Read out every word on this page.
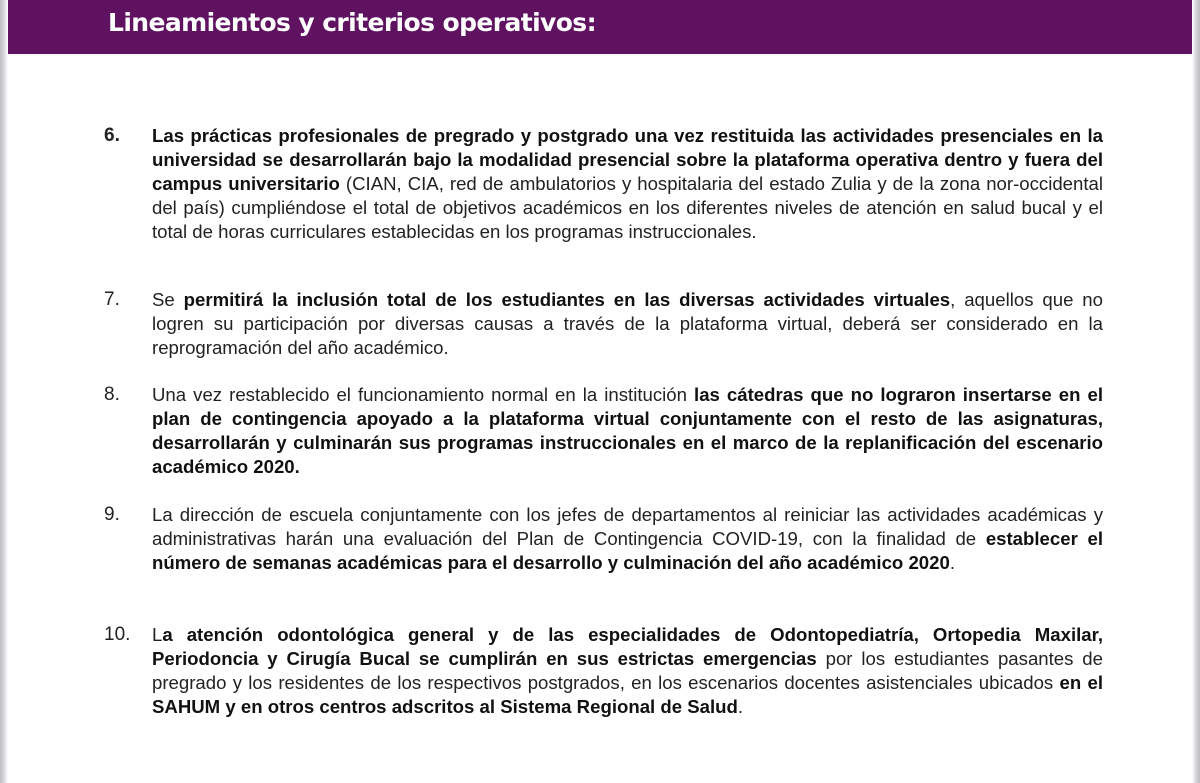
Lineamientos y criterios operativos:
6. Las prácticas profesionales de pregrado y postgrado una vez restituida las actividades presenciales en la universidad se desarrollarán bajo la modalidad presencial sobre la plataforma operativa dentro y fuera del campus universitario (CIAN, CIA, red de ambulatorios y hospitalaria del estado Zulia y de la zona nor-occidental del país) cumpliéndose el total de objetivos académicos en los diferentes niveles de atención en salud bucal y el total de horas curriculares establecidas en los programas instruccionales.

7. Se permitirá la inclusión total de los estudiantes en las diversas actividades virtuales, aquellos que no logren su participación por diversas causas a través de la plataforma virtual, deberá ser considerado en la reprogramación del año académico.

8. Una vez restablecido el funcionamiento normal en la institución las cátedras que no lograron insertarse en el plan de contingencia apoyado a la plataforma virtual conjuntamente con el resto de las asignaturas, desarrollarán y culminarán sus programas instruccionales en el marco de la replanificación del escenario académico 2020.

9. La dirección de escuela conjuntamente con los jefes de departamentos al reiniciar las actividades académicas y administrativas harán una evaluación del Plan de Contingencia COVID-19, con la finalidad de establecer el número de semanas académicas para el desarrollo y culminación del año académico 2020.

10. La atención odontológica general y de las especialidades de Odontopediatría, Ortopedia Maxilar, Periodoncia y Cirugía Bucal se cumplirán en sus estrictas emergencias por los estudiantes pasantes de pregrado y los residentes de los respectivos postgrados, en los escenarios docentes asistenciales ubicados en el SAHUM y en otros centros adscritos al Sistema Regional de Salud.
